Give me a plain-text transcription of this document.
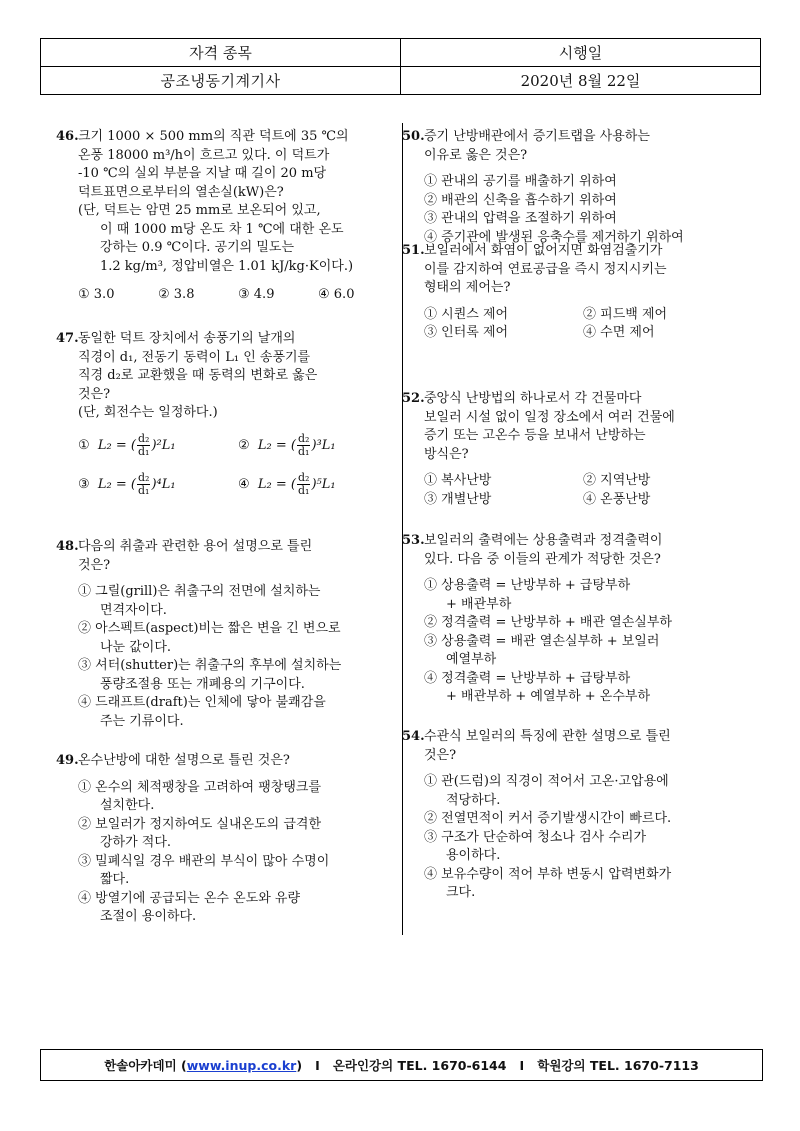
자격 종목	시행일
공조냉동기계기사	2020년 8월 22일
46.크기 1000 × 500 mm의 직관 덕트에 35 ℃의
온풍 18000 m³/h이 흐르고 있다. 이 덕트가
-10 ℃의 실외 부분을 지날 때 길이 20 m당
덕트표면으로부터의 열손실(kW)은?
(단, 덕트는 암면 25 mm로 보온되어 있고,
이 때 1000 m당 온도 차 1 ℃에 대한 온도
강하는 0.9 ℃이다. 공기의 밀도는
1.2 kg/m³, 정압비열은 1.01 kJ/kg·K이다.)
① 3.0	② 3.8	③ 4.9	④ 6.0
47.동일한 덕트 장치에서 송풍기의 날개의
직경이 d₁, 전동기 동력이 L₁ 인 송풍기를
직경 d₂로 교환했을 때 동력의 변화로 옳은
것은?
(단, 회전수는 일정하다.)
① L₂ = ( $\frac{\text{d₂}}{\text{d₁}} )^2L_1$	② L₂ = ( $\frac{\text{d₂}}{\text{d₁}} )^3L_1$
③ L₂ = ( $\frac{\text{d₂}}{\text{d₁}} )^4L_1$	④ L₂ = ( $\frac{\text{d₂}}{\text{d₁}} )^5L_1$
48.다음의 취출과 관련한 용어 설명으로 틀린
것은?
① 그릴(grill)은 취출구의 전면에 설치하는
면격자이다.
② 아스펙트(aspect)비는 짧은 변을 긴 변으로
나눈 값이다.
③ 셔터(shutter)는 취출구의 후부에 설치하는
풍량조절용 또는 개폐용의 기구이다.
④ 드래프트(draft)는 인체에 닿아 불쾌감을
주는 기류이다.
49.온수난방에 대한 설명으로 틀린 것은?
① 온수의 체적팽창을 고려하여 팽창탱크를
설치한다.
② 보일러가 정지하여도 실내온도의 급격한
강하가 적다.
③ 밀폐식일 경우 배관의 부식이 많아 수명이
짧다.
④ 방열기에 공급되는 온수 온도와 유량
조절이 용이하다.
50.증기 난방배관에서 증기트랩을 사용하는
이유로 옳은 것은?
① 관내의 공기를 배출하기 위하여
② 배관의 신축을 흡수하기 위하여
③ 관내의 압력을 조절하기 위하여
④ 증기관에 발생된 응축수를 제거하기 위하여
51.보일러에서 화염이 없어지면 화염검출기가
이를 감지하여 연료공급을 즉시 정지시키는
형태의 제어는?
① 시퀀스 제어	② 피드백 제어
③ 인터록 제어	④ 수면 제어
52.중앙식 난방법의 하나로서 각 건물마다
보일러 시설 없이 일정 장소에서 여러 건물에
증기 또는 고온수 등을 보내서 난방하는
방식은?
① 복사난방	② 지역난방
③ 개별난방	④ 온풍난방
53.보일러의 출력에는 상용출력과 정격출력이
있다. 다음 중 이들의 관계가 적당한 것은?
① 상용출력 = 난방부하 + 급탕부하
+ 배관부하
② 정격출력 = 난방부하 + 배관 열손실부하
③ 상용출력 = 배관 열손실부하 + 보일러
예열부하
④ 정격출력 = 난방부하 + 급탕부하
+ 배관부하 + 예열부하 + 온수부하
54.수관식 보일러의 특징에 관한 설명으로 틀린
것은?
① 관(드럼)의 직경이 적어서 고온·고압용에
적당하다.
② 전열면적이 커서 증기발생시간이 빠르다.
③ 구조가 단순하여 청소나 검사 수리가
용이하다.
④ 보유수량이 적어 부하 변동시 압력변화가
크다.
한솔아카데미 ( www.inup.co.kr ) I
온라인강의 TEL. 1670-6144
I
학원강의 TEL. 1670-7113
